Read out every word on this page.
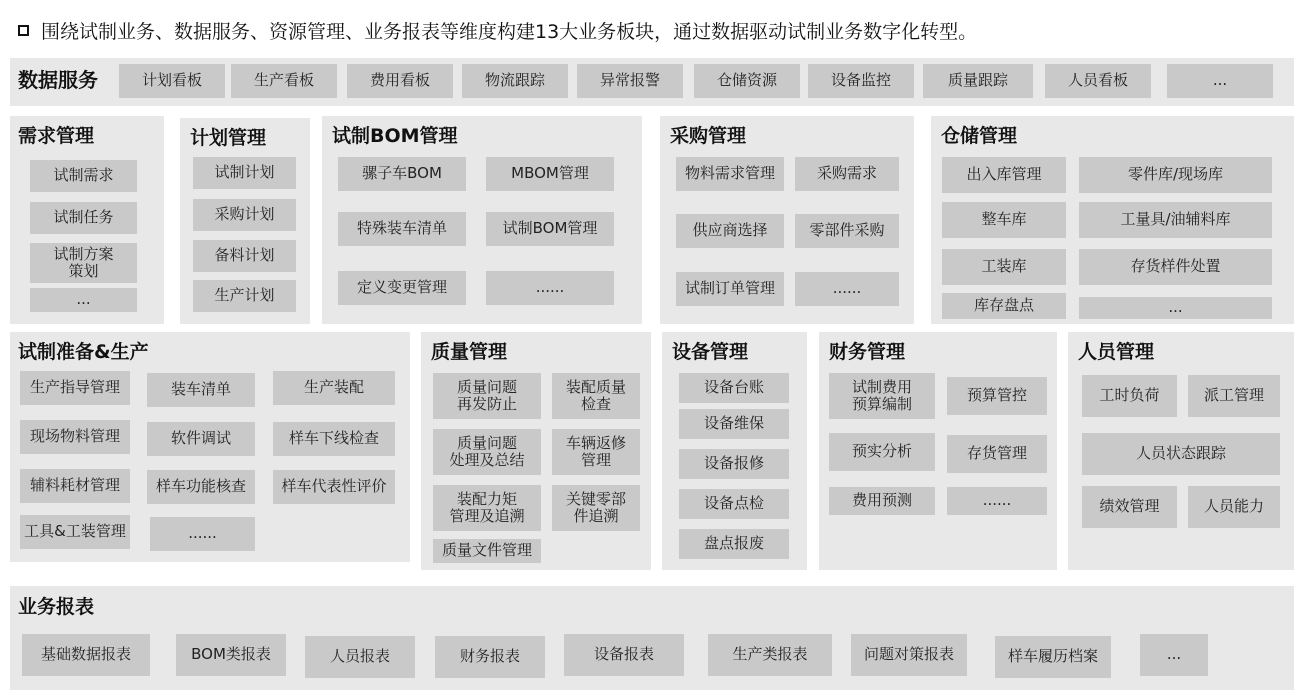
围绕试制业务、数据服务、资源管理、业务报表等维度构建13大业务板块，通过数据驱动试制业务数字化转型。
数据服务	计划看板	生产看板	费用看板	物流跟踪	异常报警	仓储资源	设备监控	质量跟踪	人员看板	...
需求管理
试制需求
试制任务
试制方案
策划
...
计划管理
试制计划
采购计划
备料计划
生产计划
试制BOM管理
骡子车BOM	MBOM管理
特殊装车清单	试制BOM管理
定义变更管理	......
采购管理
物料需求管理	采购需求
供应商选择	零部件采购
试制订单管理	......
仓储管理
出入库管理	零件库/现场库
整车库	工量具/油辅料库
工装库	存货样件处置
库存盘点	...
试制准备&生产
生产指导管理	装车清单	生产装配
现场物料管理	软件调试	样车下线检查
辅料耗材管理	样车功能核查	样车代表性评价
工具&工装管理	......
质量管理
质量问题
再发防止
装配质量
检查
质量问题
处理及总结
车辆返修
管理
装配力矩
管理及追溯
关键零部
件追溯
质量文件管理
设备管理
设备台账
设备维保
设备报修
设备点检
盘点报废
财务管理
试制费用
预算编制	预算管控
预实分析	存货管理
费用预测	......
人员管理
工时负荷	派工管理
人员状态跟踪
绩效管理	人员能力
业务报表
基础数据报表	BOM类报表	人员报表	财务报表	设备报表	生产类报表	问题对策报表	样车履历档案	...
